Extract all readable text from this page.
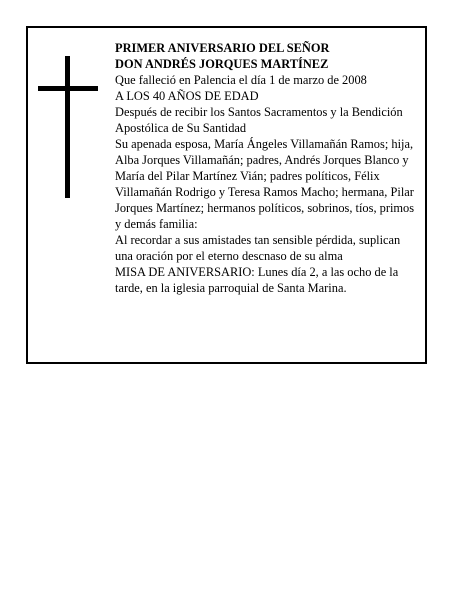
PRIMER ANIVERSARIO DEL SEÑOR
DON ANDRÉS JORQUES MARTÍNEZ
Que falleció en Palencia el día 1 de marzo de 2008
A LOS 40 AÑOS DE EDAD
Después de recibir los Santos Sacramentos y la Bendición Apostólica de Su Santidad
Su apenada esposa, María Ángeles Villamañán Ramos; hija, Alba Jorques Villamañán; padres, Andrés Jorques Blanco y María del Pilar Martínez Vián; padres políticos, Félix Villamañán Rodrigo y Teresa Ramos Macho; hermana, Pilar Jorques Martínez; hermanos políticos, sobrinos, tíos, primos y demás familia:
Al recordar a sus amistades tan sensible pérdida, suplican una oración por el eterno descnaso de su alma
MISA DE ANIVERSARIO: Lunes día 2, a las ocho de la tarde, en la iglesia parroquial de Santa Marina.
